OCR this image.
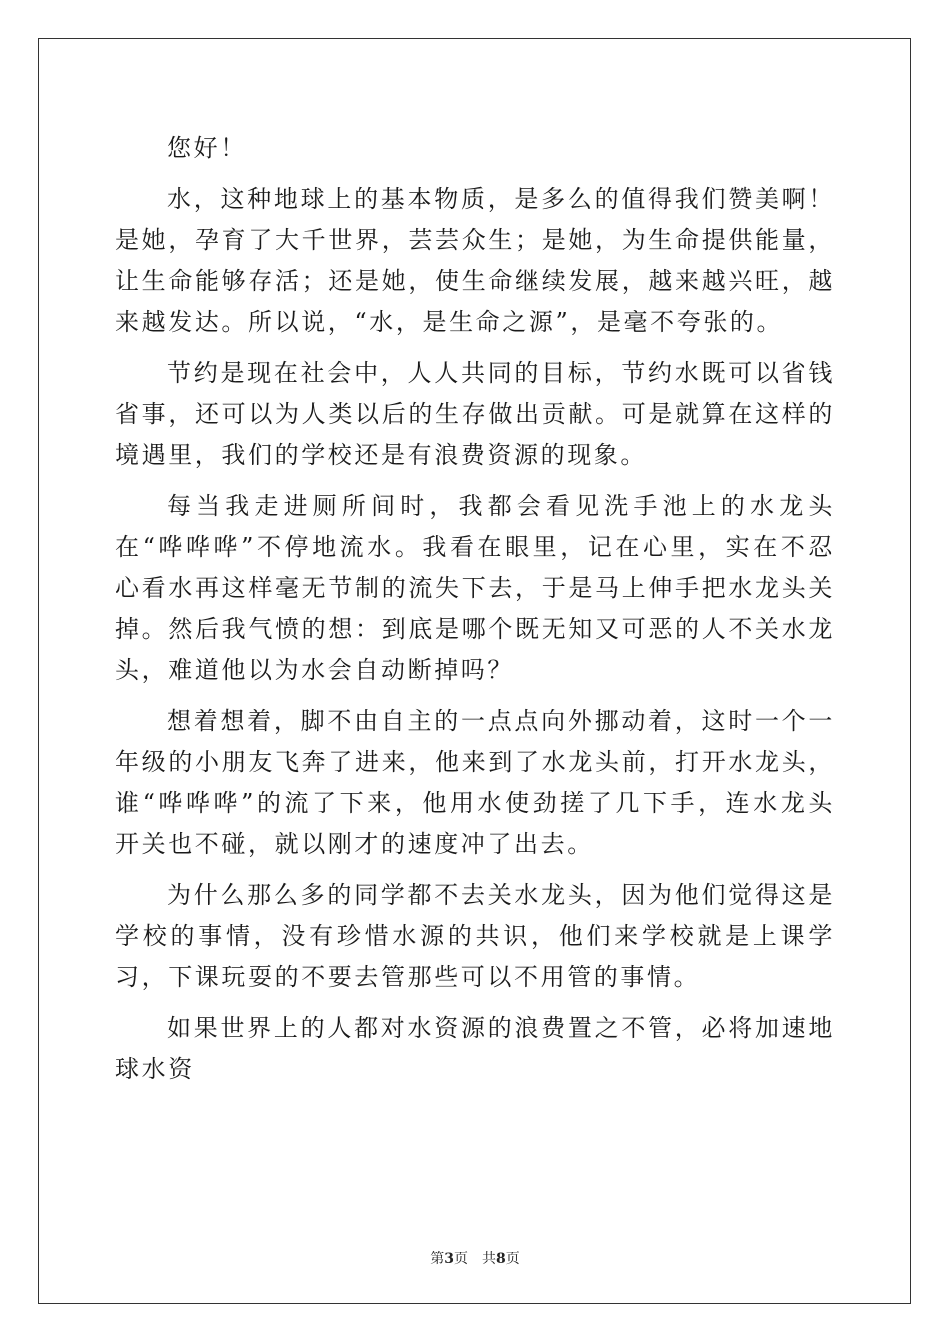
您好！

水，这种地球上的基本物质，是多么的值得我们赞美啊！是她，孕育了大千世界，芸芸众生；是她，为生命提供能量，让生命能够存活；还是她，使生命继续发展，越来越兴旺，越来越发达。所以说，“水，是生命之源”，是毫不夸张的。

节约是现在社会中，人人共同的目标，节约水既可以省钱省事，还可以为人类以后的生存做出贡献。可是就算在这样的境遇里，我们的学校还是有浪费资源的现象。

每当我走进厕所间时，我都会看见洗手池上的水龙头在“哗哗哗”不停地流水。我看在眼里，记在心里，实在不忍心看水再这样毫无节制的流失下去，于是马上伸手把水龙头关掉。然后我气愤的想：到底是哪个既无知又可恶的人不关水龙头，难道他以为水会自动断掉吗？

想着想着，脚不由自主的一点点向外挪动着，这时一个一年级的小朋友飞奔了进来，他来到了水龙头前，打开水龙头，谁“哗哗哗”的流了下来，他用水使劲搓了几下手，连水龙头开关也不碰，就以刚才的速度冲了出去。

为什么那么多的同学都不去关水龙头，因为他们觉得这是学校的事情，没有珍惜水源的共识，他们来学校就是上课学习，下课玩耍的不要去管那些可以不用管的事情。

如果世界上的人都对水资源的浪费置之不管，必将加速地球水资

第3页　共8页
